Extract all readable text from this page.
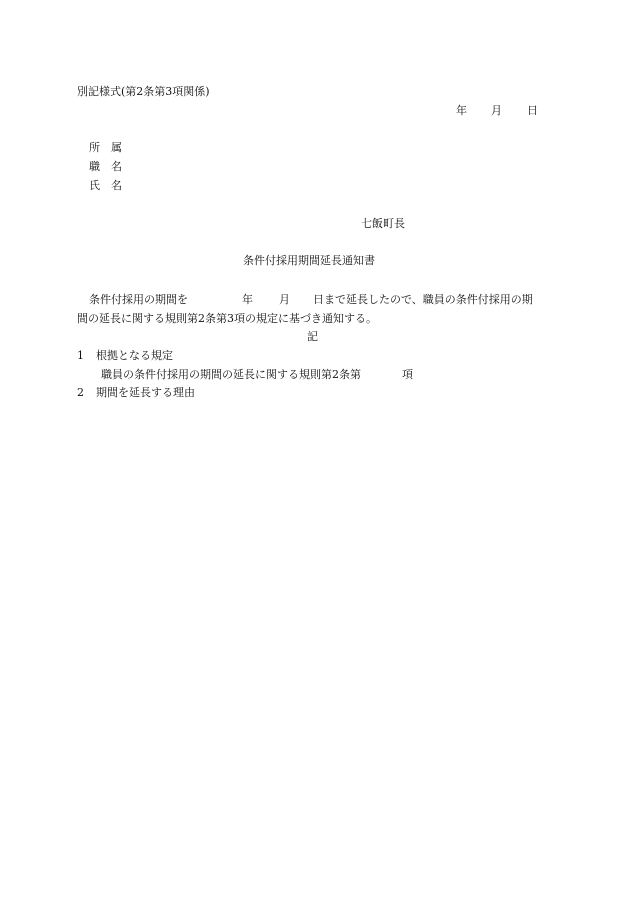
別記様式(第2条第3項関係)
年 月 日
所　属
職　名
氏　名
七飯町長
条件付採用期間延長通知書
条件付採用の期間を	年 月 日まで延長したので、職員の条件付採用の期
間の延長に関する規則第2条第3項の規定に基づき通知する。
記
1 根拠となる規定
職員の条件付採用の期間の延長に関する規則第2条第	項
2 期間を延長する理由
